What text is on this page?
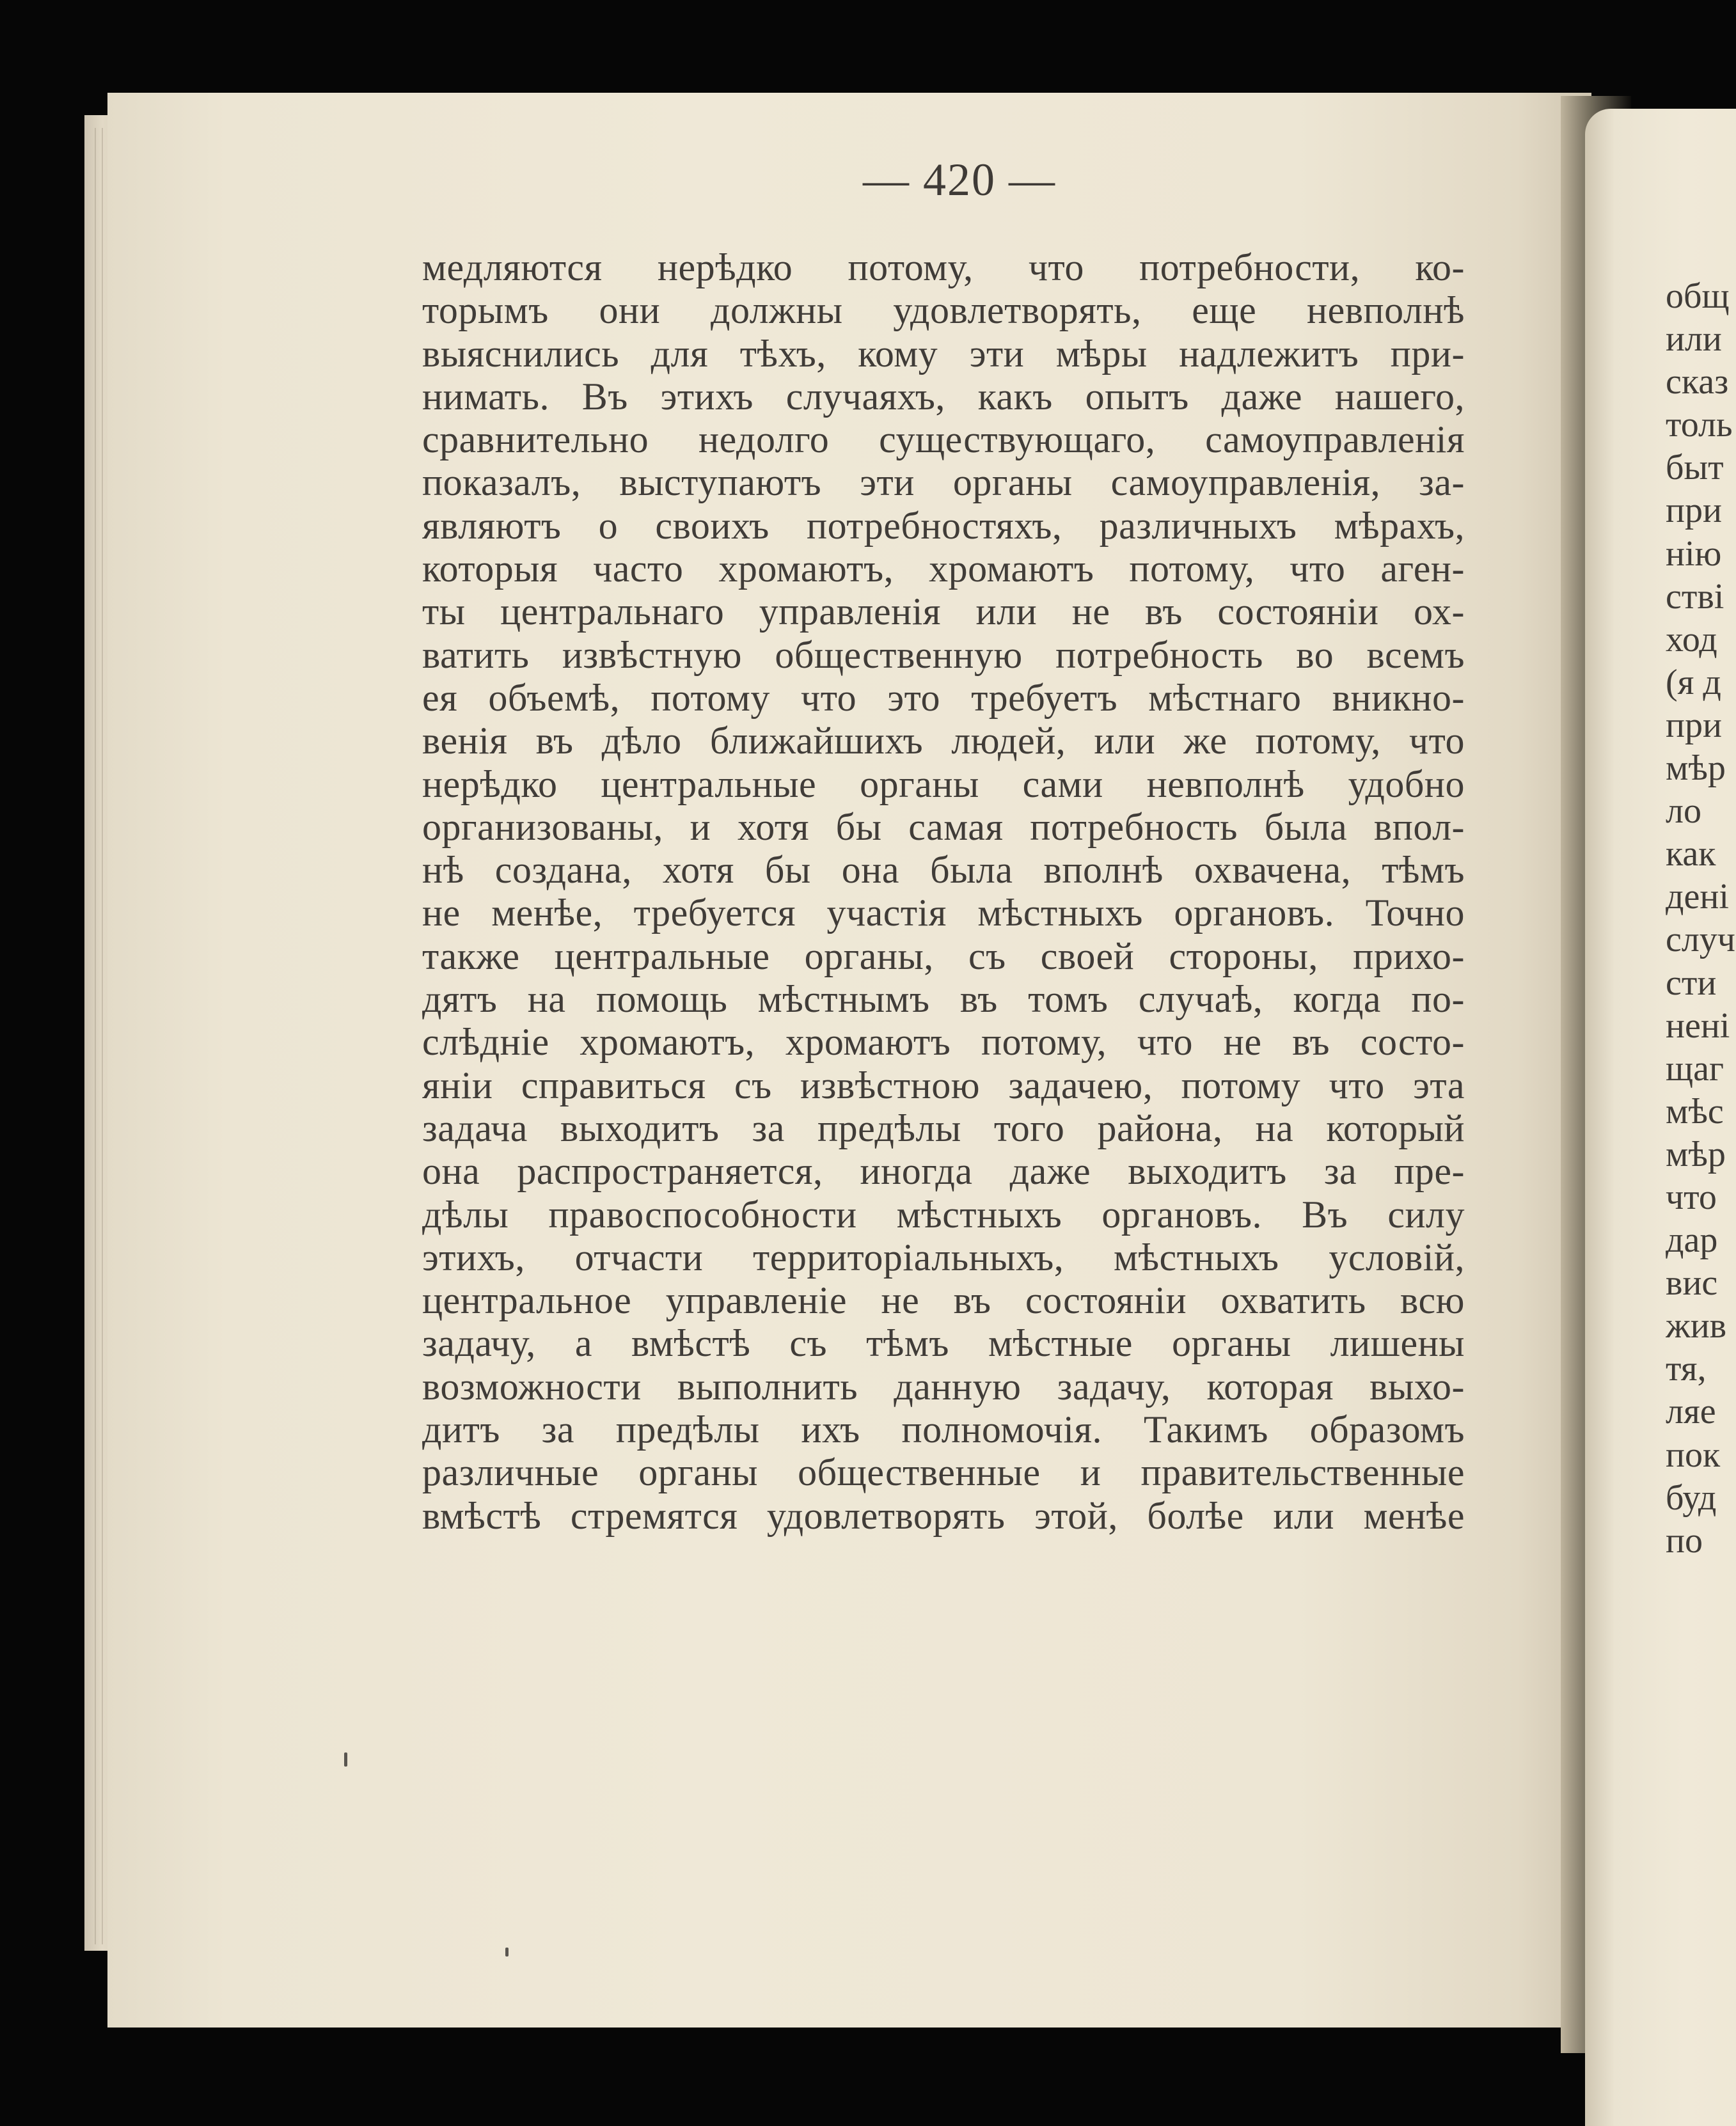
— 420 —
медляются нерѣдко потому, что потребности, ко-
торымъ они должны удовлетворять, еще невполнѣ
выяснились для тѣхъ, кому эти мѣры надлежитъ при-
нимать. Въ этихъ случаяхъ, какъ опытъ даже нашего,
сравнительно недолго существующаго, самоуправленія
показалъ, выступаютъ эти органы самоуправленія, за-
являютъ о своихъ потребностяхъ, различныхъ мѣрахъ,
которыя часто хромаютъ, хромаютъ потому, что аген-
ты центральнаго управленія или не въ состояніи ох-
ватить извѣстную общественную потребность во всемъ
ея объемѣ, потому что это требуетъ мѣстнаго вникно-
венія въ дѣло ближайшихъ людей, или же потому, что
нерѣдко центральные органы сами невполнѣ удобно
организованы, и хотя бы самая потребность была впол-
нѣ создана, хотя бы она была вполнѣ охвачена, тѣмъ
не менѣе, требуется участія мѣстныхъ органовъ. Точно
также центральные органы, съ своей стороны, прихо-
дятъ на помощь мѣстнымъ въ томъ случаѣ, когда по-
слѣдніе хромаютъ, хромаютъ потому, что не въ состо-
яніи справиться съ извѣстною задачею, потому что эта
задача выходитъ за предѣлы того района, на который
она распространяется, иногда даже выходитъ за пре-
дѣлы правоспособности мѣстныхъ органовъ. Въ силу
этихъ, отчасти территоріальныхъ, мѣстныхъ условій,
центральное управленіе не въ состояніи охватить всю
задачу, а вмѣстѣ съ тѣмъ мѣстные органы лишены
возможности выполнить данную задачу, которая выхо-
дитъ за предѣлы ихъ полномочія. Такимъ образомъ
различные органы общественные и правительственные
вмѣстѣ стремятся удовлетворять этой, болѣе или менѣе
общ
или
сказ
толь
быт
при
нію
ствi
ход
(я д
при
мѣр
ло
как
денi
случ
сти
ненi
щаг
мѣс
мѣр
что
дар
вис
жив
тя,
ляе
пок
буд
по
